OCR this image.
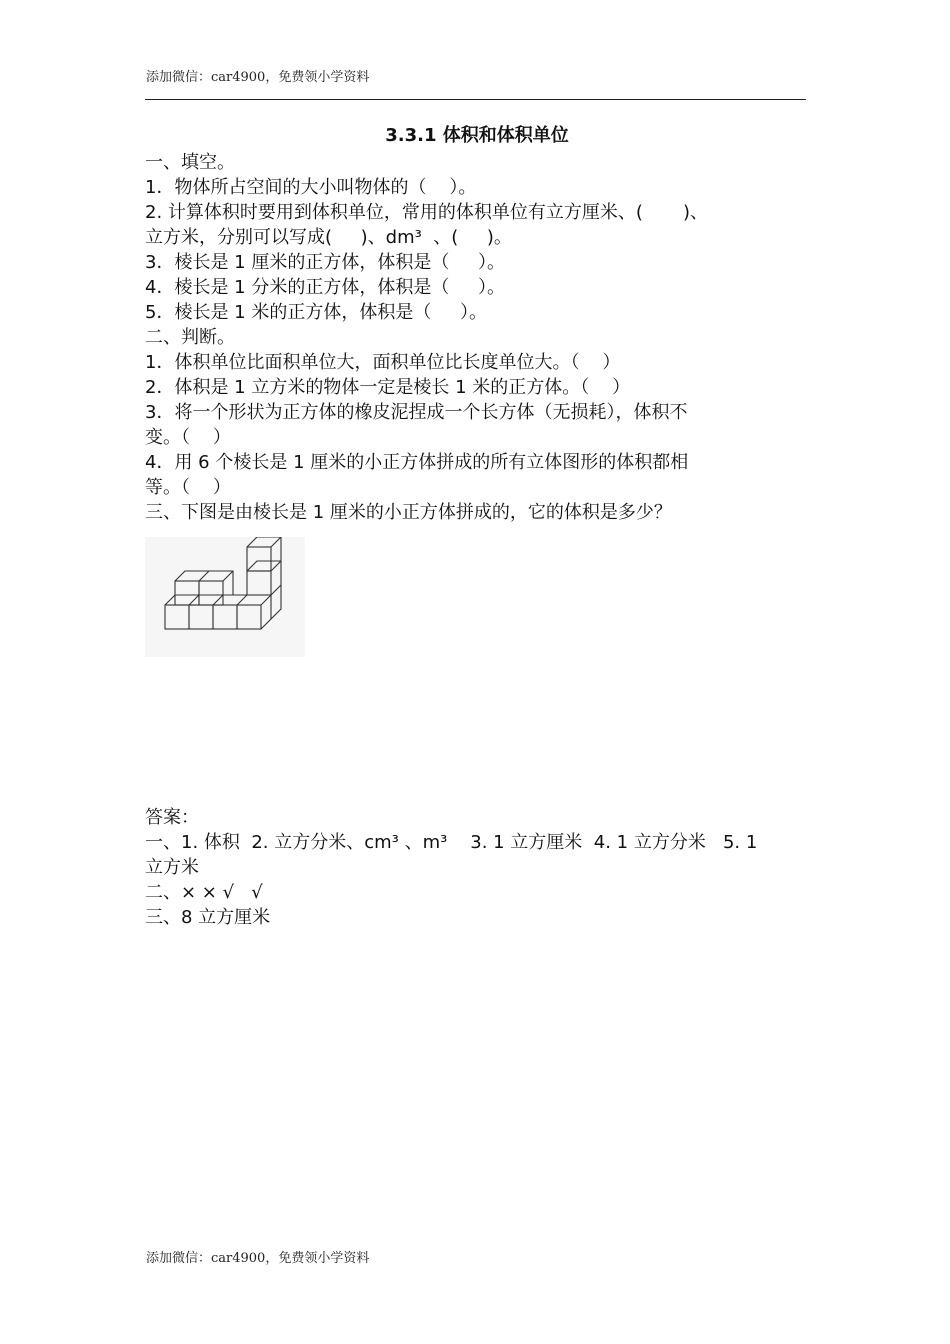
添加微信：car4900，免费领小学资料
3.3.1 体积和体积单位
一、填空。
1．物体所占空间的大小叫物体的（    ）。
2. 计算体积时要用到体积单位，常用的体积单位有立方厘米、(       )、
立方米，分别可以写成(     )、dm³  、(     )。
3．棱长是 1 厘米的正方体，体积是（     ）。
4．棱长是 1 分米的正方体，体积是（     ）。
5．棱长是 1 米的正方体，体积是（     ）。
二、判断。
1．体积单位比面积单位大，面积单位比长度单位大。（    ）
2．体积是 1 立方米的物体一定是棱长 1 米的正方体。（    ）
3．将一个形状为正方体的橡皮泥捏成一个长方体（无损耗），体积不
变。（    ）
4．用 6 个棱长是 1 厘米的小正方体拼成的所有立体图形的体积都相
等。（    ）
三、下图是由棱长是 1 厘米的小正方体拼成的，它的体积是多少？
答案：
一、1. 体积  2. 立方分米、cm³ 、m³    3. 1 立方厘米  4. 1 立方分米   5. 1
立方米
二、× × √   √
三、8 立方厘米
添加微信：car4900，免费领小学资料
